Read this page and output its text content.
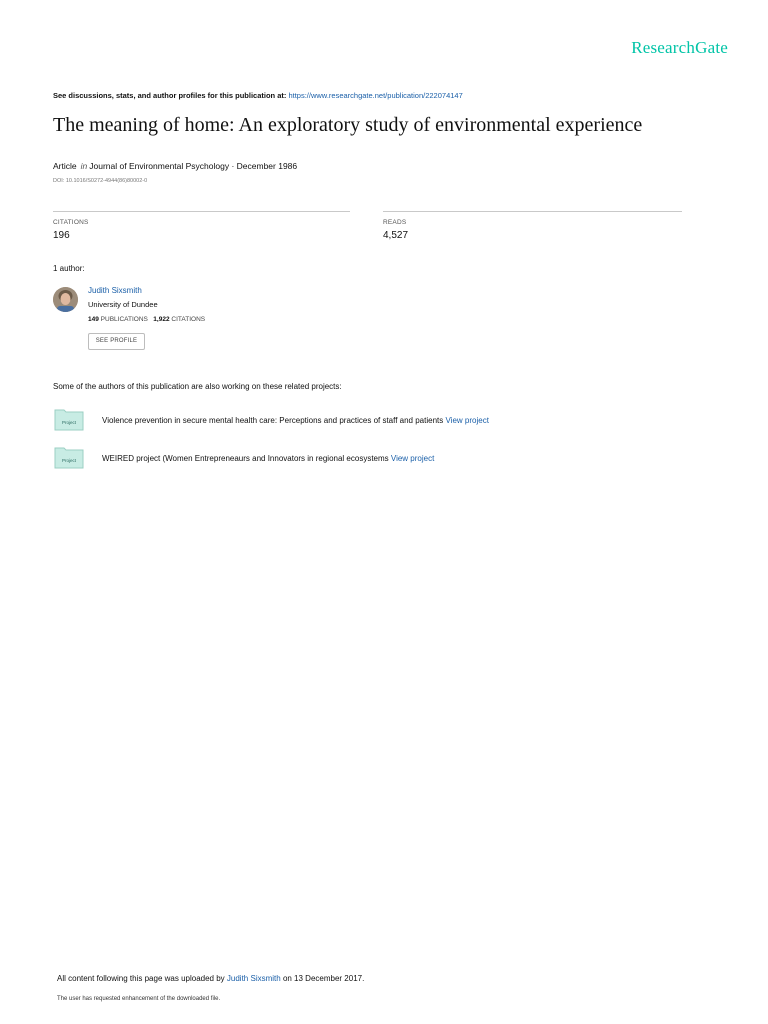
ResearchGate
See discussions, stats, and author profiles for this publication at: https://www.researchgate.net/publication/222074147
The meaning of home: An exploratory study of environmental experience
Article in Journal of Environmental Psychology · December 1986
DOI: 10.1016/S0272-4944(86)80002-0
CITATIONS
196
READS
4,527
1 author:
Judith Sixsmith
University of Dundee
149 PUBLICATIONS 1,922 CITATIONS
SEE PROFILE
Some of the authors of this publication are also working on these related projects:
Project	Violence prevention in secure mental health care: Perceptions and practices of staff and patients View project
Project	WEIRED project (Women Entrepreneaurs and Innovators in regional ecosystems View project
All content following this page was uploaded by Judith Sixsmith on 13 December 2017.
The user has requested enhancement of the downloaded file.
